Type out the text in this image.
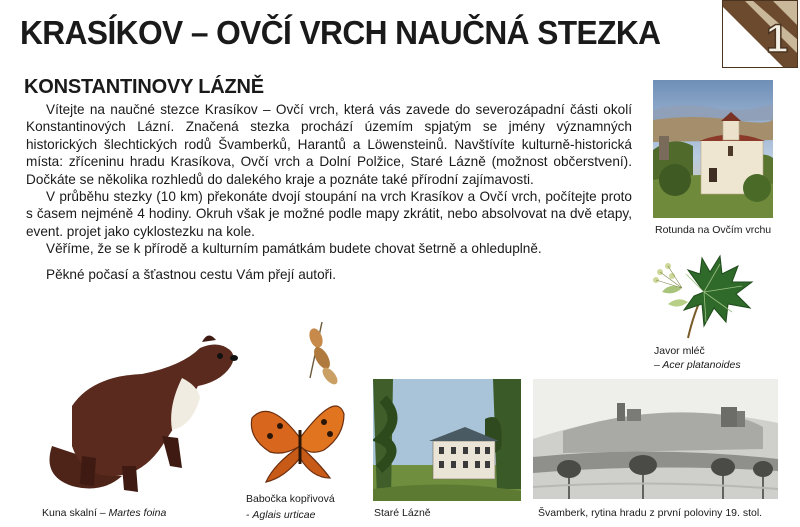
KRASÍKOV – OVČÍ VRCH NAUČNÁ STEZKA	1
KONSTANTINOVY LÁZNĚ

Vítejte na naučné stezce Krasíkov – Ovčí vrch, která vás zavede do severozápadní části okolí Konstantinových Lázní. Značená stezka prochází územím spjatým se jmény významných historických šlechtických rodů Švamberků, Harantů a Löwensteinů. Navštívíte kulturně-historická místa: zříceninu hradu Krasíkova, Ovčí vrch a Dolní Polžice, Staré Lázně (možnost občerstvení). Dočkáte se několika rozhledů do dalekého kraje a poznáte také přírodní zajímavosti.

V průběhu stezky (10 km) překonáte dvojí stoupání na vrch Krasíkov a Ovčí vrch, počítejte proto s časem nejméně 4 hodiny. Okruh však je možné podle mapy zkrátit, nebo absolvovat na dvě etapy, event. projet jako cyklostezku na kole.

Věříme, že se k přírodě a kulturním památkám budete chovat šetrně a ohleduplně.

Pěkné počasí a šťastnou cestu Vám přejí autoři.

Rotunda na Ovčím vrchu
Javor mléč
– Acer platanoides
Kuna skalní – Martes foina
Babočka kopřivová
- Aglais urticae	Staré Lázně	Švamberk, rytina hradu z první poloviny 19. stol.
